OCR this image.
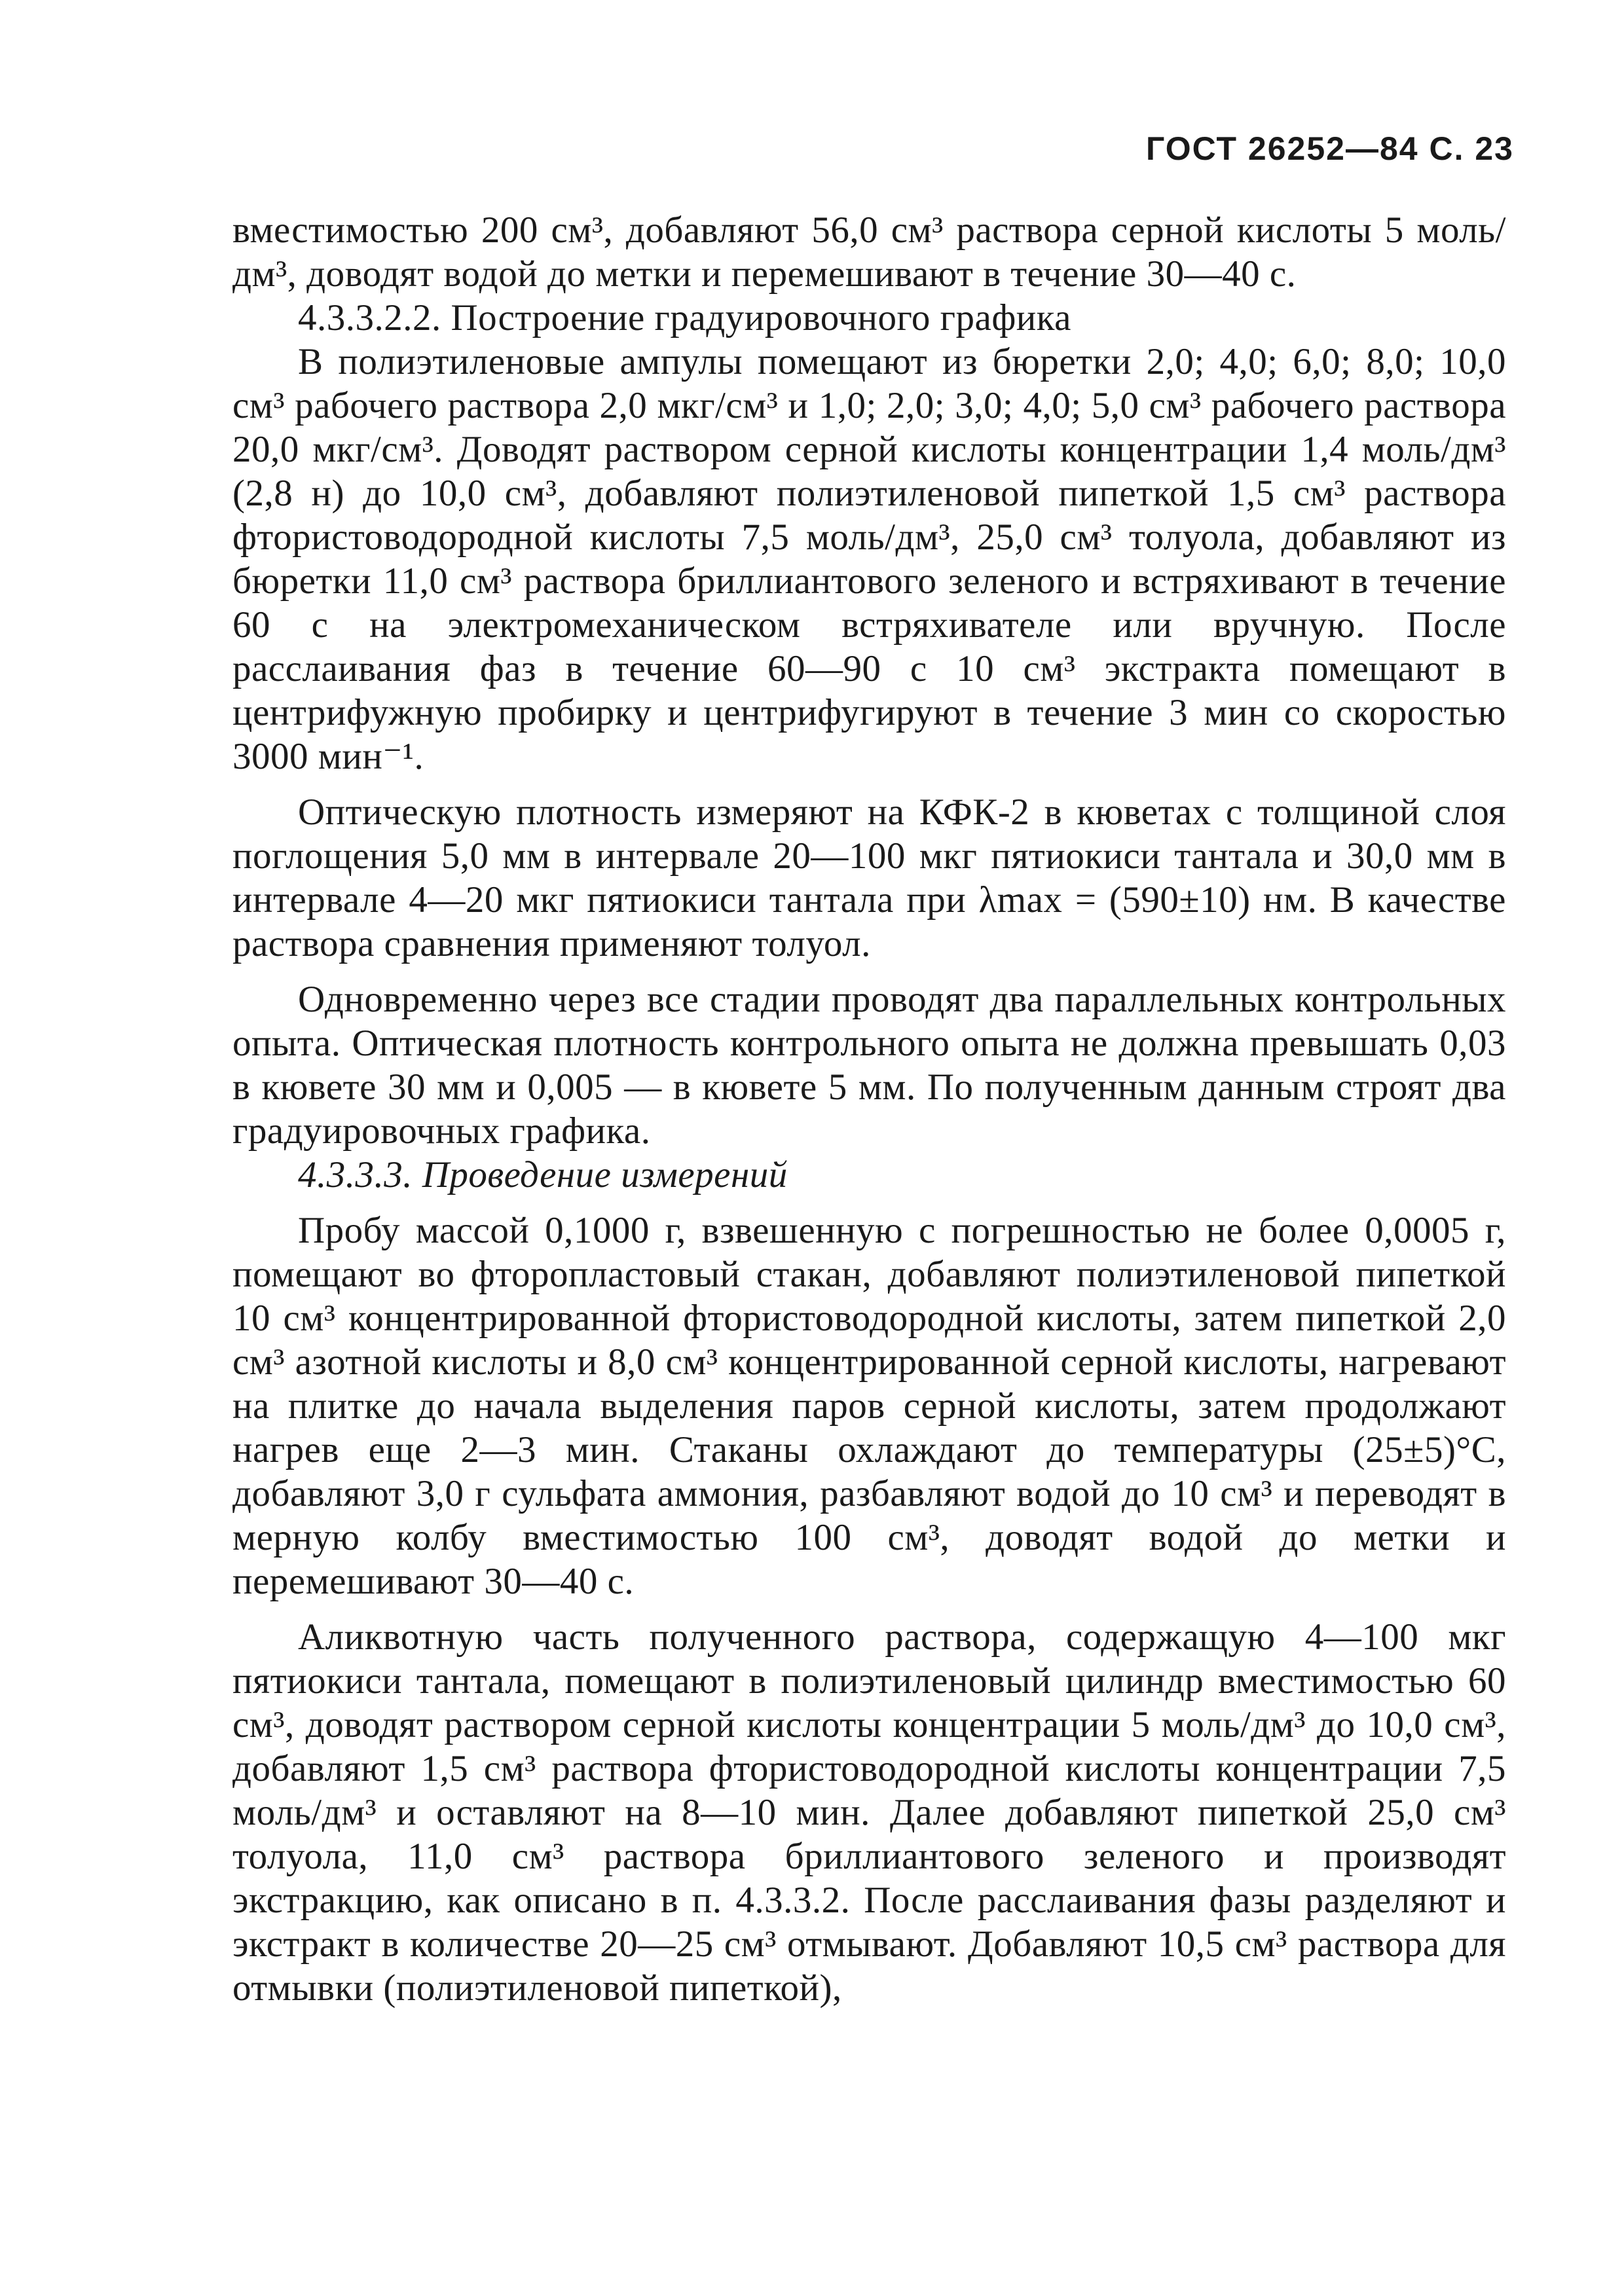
ГОСТ 26252—84 С. 23

вместимостью 200 см³, добавляют 56,0 см³ раствора серной кислоты 5 моль/дм³, доводят водой до метки и перемешивают в течение 30—40 с.

4.3.3.2.2. Построение градуировочного графика

В полиэтиленовые ампулы помещают из бюретки 2,0; 4,0; 6,0; 8,0; 10,0 см³ рабочего раствора 2,0 мкг/см³ и 1,0; 2,0; 3,0; 4,0; 5,0 см³ рабочего раствора 20,0 мкг/см³. Доводят раствором серной кислоты концентрации 1,4 моль/дм³ (2,8 н) до 10,0 см³, добавляют полиэтиленовой пипеткой 1,5 см³ раствора фтористоводородной кислоты 7,5 моль/дм³, 25,0 см³ толуола, добавляют из бюретки 11,0 см³ раствора бриллиантового зеленого и встряхивают в течение 60 с на электромеханическом встряхивателе или вручную. После расслаивания фаз в течение 60—90 с 10 см³ экстракта помещают в центрифужную пробирку и центрифугируют в течение 3 мин со скоростью 3000 мин⁻¹.

Оптическую плотность измеряют на КФК-2 в кюветах с толщиной слоя поглощения 5,0 мм в интервале 20—100 мкг пятиокиси тантала и 30,0 мм в интервале 4—20 мкг пятиокиси тантала при λmax = (590±10) нм. В качестве раствора сравнения применяют толуол.

Одновременно через все стадии проводят два параллельных контрольных опыта. Оптическая плотность контрольного опыта не должна превышать 0,03 в кювете 30 мм и 0,005 — в кювете 5 мм. По полученным данным строят два градуировочных графика.

4.3.3.3. Проведение измерений

Пробу массой 0,1000 г, взвешенную с погрешностью не более 0,0005 г, помещают во фторопластовый стакан, добавляют полиэтиленовой пипеткой 10 см³ концентрированной фтористоводородной кислоты, затем пипеткой 2,0 см³ азотной кислоты и 8,0 см³ концентрированной серной кислоты, нагревают на плитке до начала выделения паров серной кислоты, затем продолжают нагрев еще 2—3 мин. Стаканы охлаждают до температуры (25±5)°С, добавляют 3,0 г сульфата аммония, разбавляют водой до 10 см³ и переводят в мерную колбу вместимостью 100 см³, доводят водой до метки и перемешивают 30—40 с.

Аликвотную часть полученного раствора, содержащую 4—100 мкг пятиокиси тантала, помещают в полиэтиленовый цилиндр вместимостью 60 см³, доводят раствором серной кислоты концентрации 5 моль/дм³ до 10,0 см³, добавляют 1,5 см³ раствора фтористоводородной кислоты концентрации 7,5 моль/дм³ и оставляют на 8—10 мин. Далее добавляют пипеткой 25,0 см³ толуола, 11,0 см³ раствора бриллиантового зеленого и производят экстракцию, как описано в п. 4.3.3.2. После расслаивания фазы разделяют и экстракт в количестве 20—25 см³ отмывают. Добавляют 10,5 см³ раствора для отмывки (полиэтиленовой пипеткой),
